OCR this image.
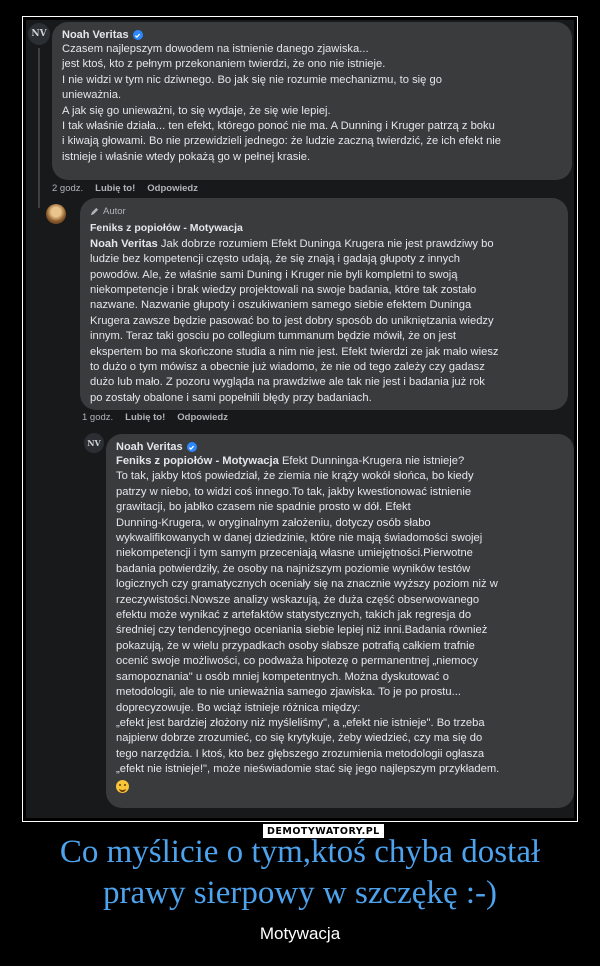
NV Noah Veritas
Czasem najlepszym dowodem na istnienie danego zjawiska...
jest ktoś, kto z pełnym przekonaniem twierdzi, że ono nie istnieje.
I nie widzi w tym nic dziwnego. Bo jak się nie rozumie mechanizmu, to się go
unieważnia.
A jak się go unieważni, to się wydaje, że się wie lepiej.
I tak właśnie działa... ten efekt, którego ponoć nie ma. A Dunning i Kruger patrzą z boku
i kiwają głowami. Bo nie przewidzieli jednego: że ludzie zaczną twierdzić, że ich efekt nie
istnieje i właśnie wtedy pokażą go w pełnej krasie.
2 godz. Lubię to! Odpowiedz
Autor
Feniks z popiołów - Motywacja
Noah Veritas Jak dobrze rozumiem Efekt Duninga Krugera nie jest prawdziwy bo
ludzie bez kompetencji często udają, że się znają i gadają głupoty z innych
powodów. Ale, że właśnie sami Duning i Kruger nie byli kompletni to swoją
niekompetencje i brak wiedzy projektowali na swoje badania, które tak zostało
nazwane. Nazwanie głupoty i oszukiwaniem samego siebie efektem Duninga
Krugera zawsze będzie pasować bo to jest dobry sposób do unikniętzania wiedzy
innym. Teraz taki gosciu po collegium tummanum będzie mówił, że on jest
ekspertem bo ma skończone studia a nim nie jest. Efekt twierdzi ze jak mało wiesz
to dużo o tym mówisz a obecnie już wiadomo, że nie od tego zależy czy gadasz
dużo lub mało. Z pozoru wyglądа na prawdziwe ale tak nie jest i badania już rok
po zostały obalone i sami popełnili błędy przy badaniach.
1 godz. Lubię to! Odpowiedz
NV Noah Veritas
Feniks z popiołów - Motywacja Efekt Dunninga-Krugera nie istnieje?
To tak, jakby ktoś powiedział, że ziemia nie krąży wokół słońca, bo kiedy
patrzy w niebo, to widzi coś innego.To tak, jakby kwestionować istnienie
grawitacji, bo jabłko czasem nie spadnie prosto w dół. Efekt
Dunning-Krugera, w oryginalnym założeniu, dotyczy osób słabo
wykwalifikowanych w danej dziedzinie, które nie mają świadomości swojej
niekompetencji i tym samym przeceniają własne umiejętności.Pierwotne
badania potwierdziły, że osoby na najniższym poziomie wyników testów
logicznych czy gramatycznych oceniały się na znacznie wyższy poziom niż w
rzeczywistości.Nowsze analizy wskazują, że duża część obserwowanego
efektu może wynikać z artefaktów statystycznych, takich jak regresja do
średniej czy tendencyjnego oceniania siebie lepiej niż inni.Badania również
pokazują, że w wielu przypadkach osoby słabsze potrafią całkiem trafnie
ocenić swoje możliwości, co podważa hipotezę o permanentnej „niemocy
samopoznania" u osób mniej kompetentnych. Można dyskutować o
metodologii, ale to nie unieważnia samego zjawiska. To je po prostu...
doprecyzowuje. Bo wciąż istnieje różnica między:
„efekt jest bardziej złożony niż myśleliśmy", a „efekt nie istnieje". Bo trzeba
najpierw dobrze zrozumieć, co się krytykuje, żeby wiedzieć, czy ma się do
tego narzędzia. I ktoś, kto bez głębszego zrozumienia metodologii ogłasza
„efekt nie istnieje!", może nieświadomie stać się jego najlepszym przykładem.
DEMOTYWATORY.PL
Co myślicie o tym,ktoś chyba dostał
prawy sierpowy w szczękę :-)
Motywacja
